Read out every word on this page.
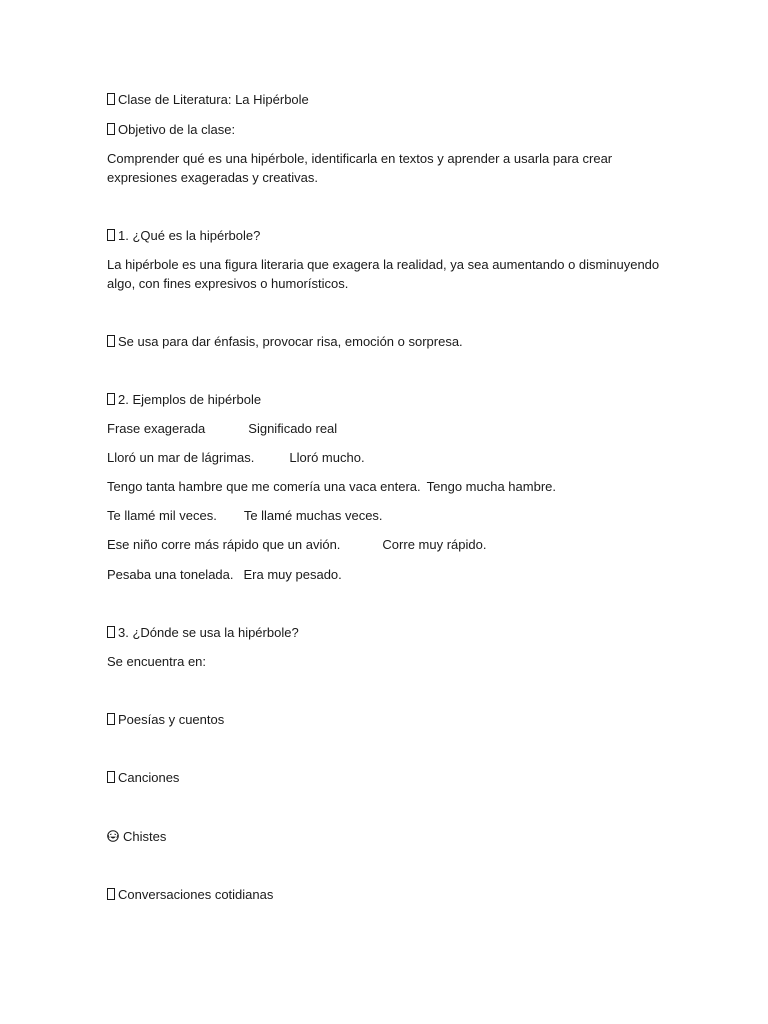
Clase de Literatura: La Hipérbole
Objetivo de la clase:
Comprender qué es una hipérbole, identificarla en textos y aprender a usarla para crear expresiones exageradas y creativas.
1. ¿Qué es la hipérbole?
La hipérbole es una figura literaria que exagera la realidad, ya sea aumentando o disminuyendo algo, con fines expresivos o humorísticos.
Se usa para dar énfasis, provocar risa, emoción o sorpresa.
2. Ejemplos de hipérbole
Frase exagerada	Significado real
Lloró un mar de lágrimas.	Lloró mucho.
Tengo tanta hambre que me comería una vaca entera. Tengo mucha hambre.
Te llamé mil veces. Te llamé muchas veces.
Ese niño corre más rápido que un avión.	Corre muy rápido.
Pesaba una tonelada. Era muy pesado.
3. ¿Dónde se usa la hipérbole?
Se encuentra en:
Poesías y cuentos
Canciones
Chistes
Conversaciones cotidianas
